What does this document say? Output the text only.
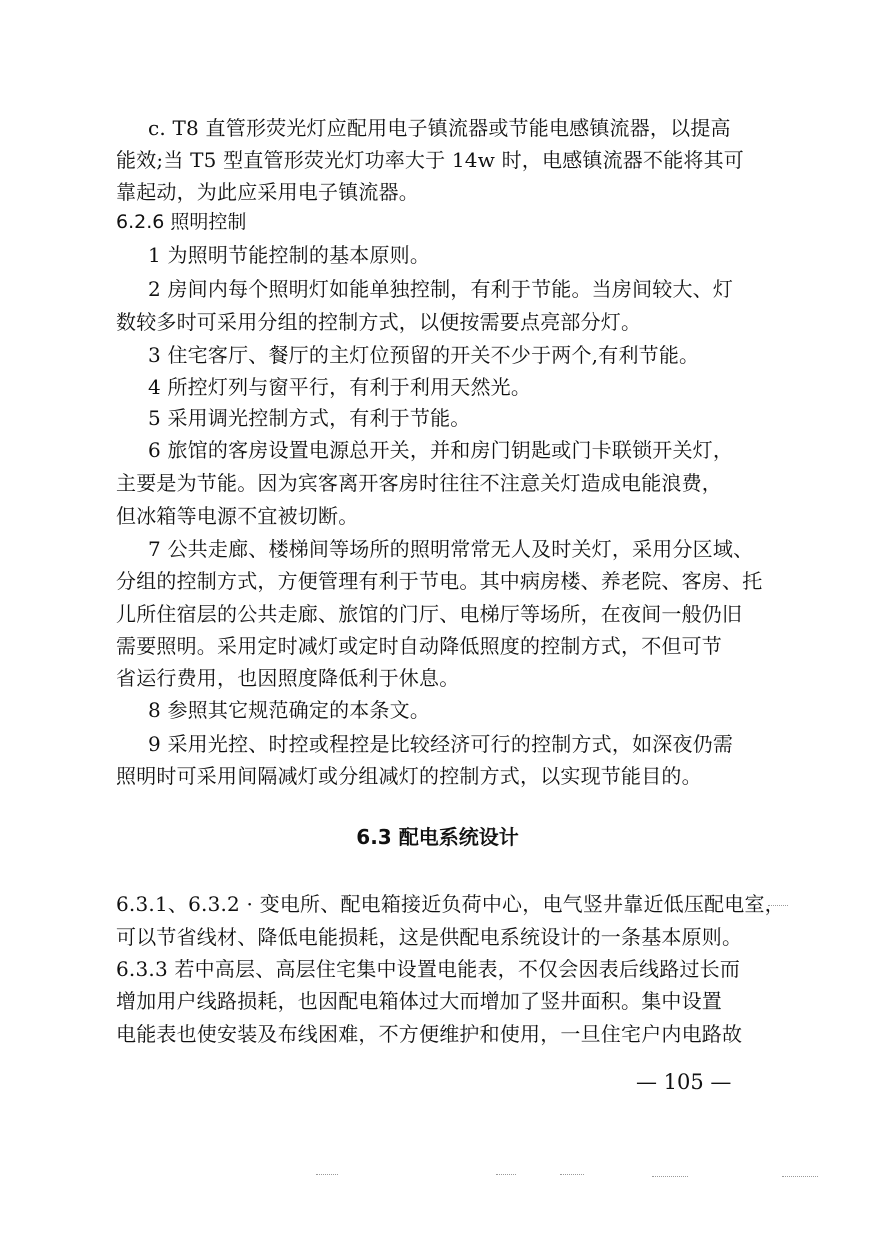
c. T8 直管形荧光灯应配用电子镇流器或节能电感镇流器，以提高
能效;当 T5 型直管形荧光灯功率大于 14w 时，电感镇流器不能将其可
靠起动，为此应采用电子镇流器。
6.2.6 照明控制
1 为照明节能控制的基本原则。
2 房间内每个照明灯如能单独控制，有利于节能。当房间较大、灯
数较多时可采用分组的控制方式，以便按需要点亮部分灯。
3 住宅客厅、餐厅的主灯位预留的开关不少于两个,有利节能。
4 所控灯列与窗平行，有利于利用天然光。
5 采用调光控制方式，有利于节能。
6 旅馆的客房设置电源总开关，并和房门钥匙或门卡联锁开关灯，
主要是为节能。因为宾客离开客房时往往不注意关灯造成电能浪费，
但冰箱等电源不宜被切断。
7 公共走廊、楼梯间等场所的照明常常无人及时关灯，采用分区域、
分组的控制方式，方便管理有利于节电。其中病房楼、养老院、客房、托
儿所住宿层的公共走廊、旅馆的门厅、电梯厅等场所，在夜间一般仍旧
需要照明。采用定时减灯或定时自动降低照度的控制方式，不但可节
省运行费用，也因照度降低利于休息。
8 参照其它规范确定的本条文。
9 采用光控、时控或程控是比较经济可行的控制方式，如深夜仍需
照明时可采用间隔减灯或分组减灯的控制方式，以实现节能目的。
6.3 配电系统设计
6.3.1、6.3.2 · 变电所、配电箱接近负荷中心，电气竖井靠近低压配电室，
可以节省线材、降低电能损耗，这是供配电系统设计的一条基本原则。
6.3.3 若中高层、高层住宅集中设置电能表，不仅会因表后线路过长而
增加用户线路损耗，也因配电箱体过大而增加了竖井面积。集中设置
电能表也使安装及布线困难，不方便维护和使用，一旦住宅户内电路故
— 105 —
